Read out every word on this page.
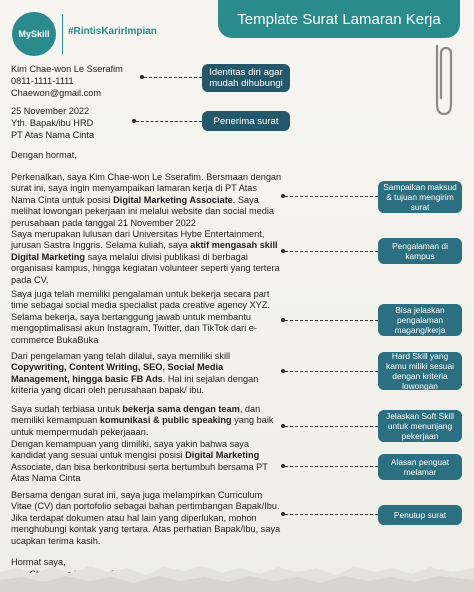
MySkill #RintisKarirImpian
Template Surat Lamaran Kerja
Kim Chae-won Le Sserafim
0811-1111-1111
Chaewon@gmail.com
Identitas diri agar mudah dihubungi
25 November 2022
Yth. Bapak/ibu HRD
PT Atas Nama Cinta
Penerima surat
Dengan hormat,
Perkenalkan, saya Kim Chae-won Le Sserafim. Bersmaan dengan surat ini, saya ingin menyampaikan lamaran kerja di PT Atas Nama Cinta untuk posisi Digital Marketing Associate. Saya melihat lowongan pekerjaan ini melalui website dan social media perusahaan pada tanggal 21 November 2022
Saya merupakan lulusan dari Universitas Hybe Entertainment, jurusan Sastra Inggris. Selama kuliah, saya aktif mengasah skill Digital Marketing saya melalui divisi publikasi di berbagai organisasi kampus, hingga kegiatan volunteer seperti yang tertera pada CV.
Saya juga telah memiliki pengalaman untuk bekerja secara part time sebagai social media specialist pada creative agency XYZ. Selama bekerja, saya bertanggung jawab untuk membantu mengoptimalisasi akun Instagram, Twitter, dan TikTok dari e-commerce BukaBuka
Dari pengelaman yang telah dilalui, saya memiliki skill Copywriting, Content Writing, SEO, Social Media Management, hingga basic FB Ads. Hal ini sejalan dengan kriteria yang dicari oleh perusahaan bapak/ ibu.
Saya sudah terbiasa untuk bekerja sama dengan team, dan memiliki kemampuan komunikasi & public speaking yang baik untuk mempermudah pekerjaaan.
Dengan kemampuan yang dimiliki, saya yakin bahwa saya kandidat yang sesuai untuk mengisi posisi Digital Marketing Associate, dan bisa berkontribusi serta bertumbuh bersama PT Atas Nama Cinta
Bersama dengan surat ini, saya juga melampirkan Curriculum Vitae (CV) dan portofolio sebagai bahan pertimbangan Bapak/Ibu. Jika terdapat dokumen atau hal lain yang diperlukan, mohon menghubungi kontak yang tertara. Atas perhatian Bapak/Ibu, saya ucapkan terima kasih.
Hormat saya,
Sampaikan maksud & tujuan mengirim surat
Pengalaman di kampus
Bisa jelaskan pengalaman magang/kerja
Hard Skill yang kamu miliki sesuai dengan kriteria lowongan
Jelaskan Soft Skill untuk menunjang pekerjaan
Alasan penguat melamar
Penutup surat
